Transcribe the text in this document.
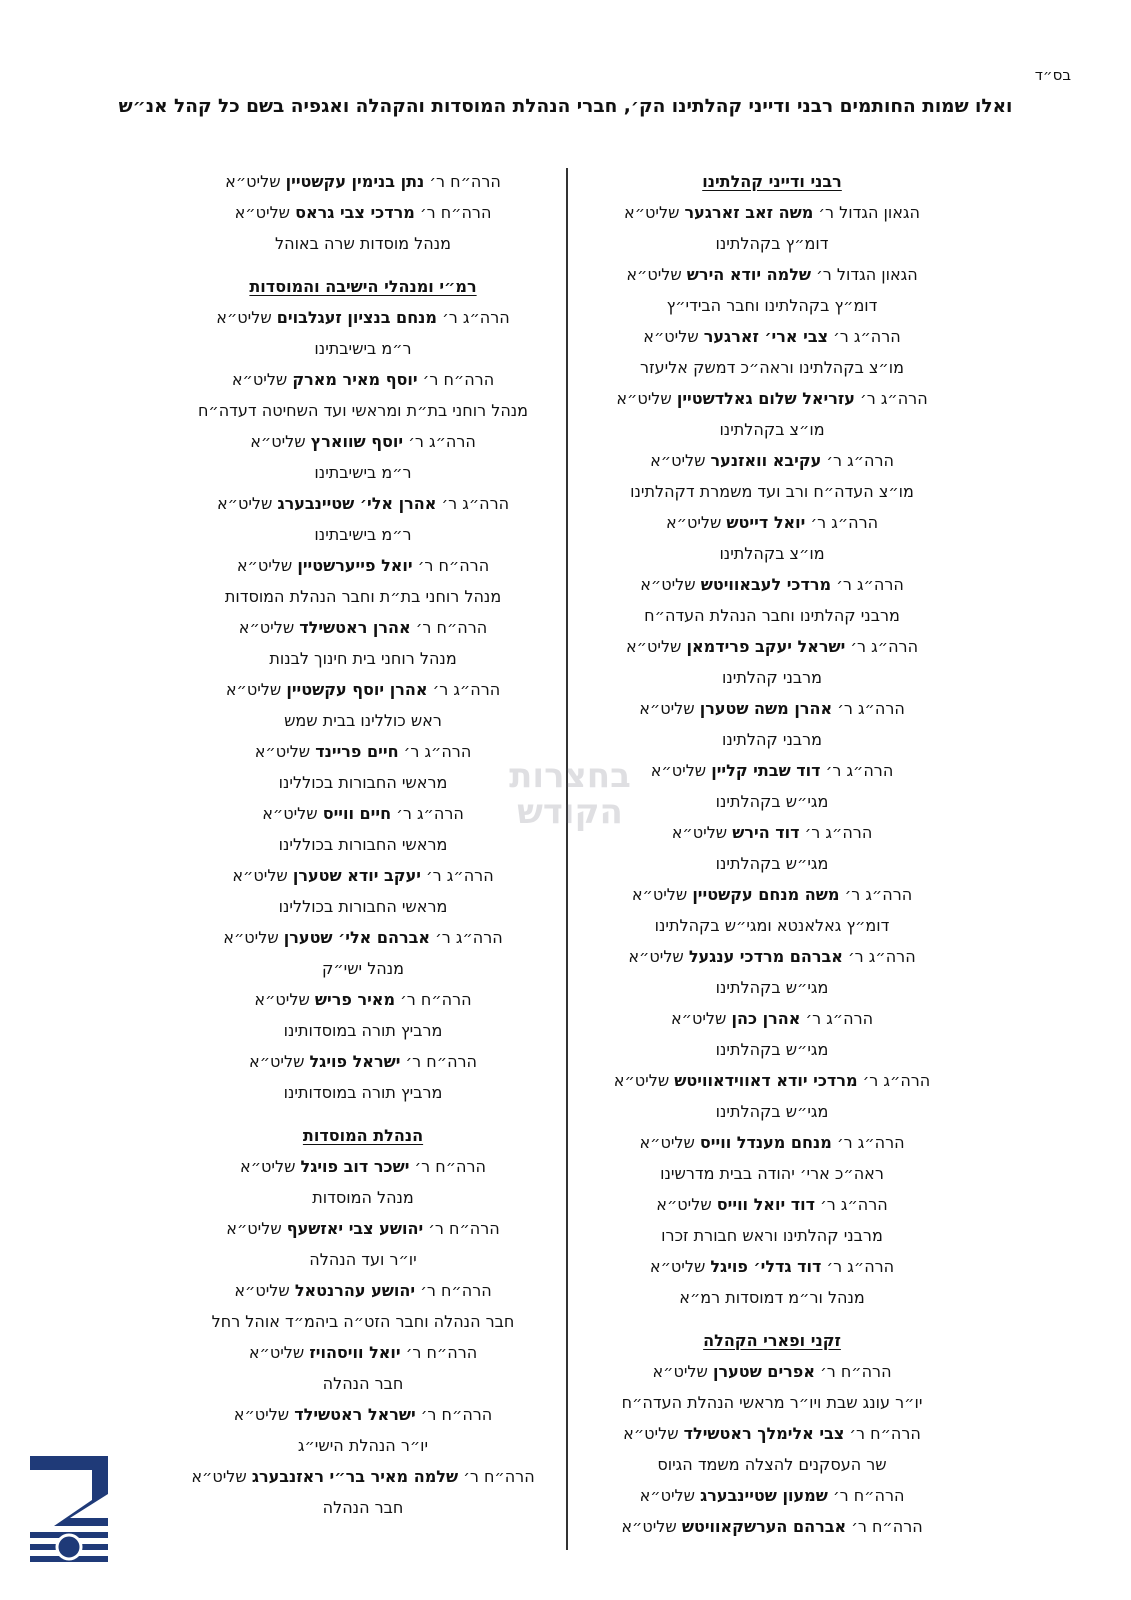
בס״ד
ואלו שמות החותמים רבני ודייני קהלתינו הק׳, חברי הנהלת המוסדות והקהלה ואגפיה בשם כל קהל אנ״ש
רבני ודייני קהלתינו
הגאון הגדול ר׳ משה זאב זארגער שליט״א
דומ״ץ בקהלתינו
הגאון הגדול ר׳ שלמה יודא הירש שליט״א
דומ״ץ בקהלתינו וחבר הבידי״ץ
הרה״ג ר׳ צבי ארי׳ זארגער שליט״א
מו״צ בקהלתינו וראה״כ דמשק אליעזר
הרה״ג ר׳ עזריאל שלום גאלדשטיין שליט״א
מו״צ בקהלתינו
הרה״ג ר׳ עקיבא וואזנער שליט״א
מו״צ העדה״ח ורב ועד משמרת דקהלתינו
הרה״ג ר׳ יואל דייטש שליט״א
מו״צ בקהלתינו
הרה״ג ר׳ מרדכי לעבאוויטש שליט״א
מרבני קהלתינו וחבר הנהלת העדה״ח
הרה״ג ר׳ ישראל יעקב פרידמאן שליט״א
מרבני קהלתינו
הרה״ג ר׳ אהרן משה שטערן שליט״א
מרבני קהלתינו
הרה״ג ר׳ דוד שבתי קליין שליט״א
מגי״ש בקהלתינו
הרה״ג ר׳ דוד הירש שליט״א
מגי״ש בקהלתינו
הרה״ג ר׳ משה מנחם עקשטיין שליט״א
דומ״ץ גאלאנטא ומגי״ש בקהלתינו
הרה״ג ר׳ אברהם מרדכי ענגעל שליט״א
מגי״ש בקהלתינו
הרה״ג ר׳ אהרן כהן שליט״א
מגי״ש בקהלתינו
הרה״ג ר׳ מרדכי יודא דאווידאוויטש שליט״א
מגי״ש בקהלתינו
הרה״ג ר׳ מנחם מענדל ווייס שליט״א
ראה״כ ארי׳ יהודה בבית מדרשינו
הרה״ג ר׳ דוד יואל ווייס שליט״א
מרבני קהלתינו וראש חבורת זכרו
הרה״ג ר׳ דוד גדלי׳ פויגל שליט״א
מנהל ור״מ דמוסדות רמ״א
זקני ופארי הקהלה
הרה״ח ר׳ אפרים שטערן שליט״א
יו״ר עונג שבת ויו״ר מראשי הנהלת העדה״ח
הרה״ח ר׳ צבי אלימלך ראטשילד שליט״א
שר העסקנים להצלה משמד הגיוס
הרה״ח ר׳ שמעון שטיינבערג שליט״א
הרה״ח ר׳ אברהם הערשקאוויטש שליט״א
הרה״ח ר׳ נתן בנימין עקשטיין שליט״א
הרה״ח ר׳ מרדכי צבי גראס שליט״א
מנהל מוסדות שרה באוהל
רמ״י ומנהלי הישיבה והמוסדות
הרה״ג ר׳ מנחם בנציון זעגלבוים שליט״א
ר״מ בישיבתינו
הרה״ח ר׳ יוסף מאיר מארק שליט״א
מנהל רוחני בת״ת ומראשי ועד השחיטה דעדה״ח
הרה״ג ר׳ יוסף שווארץ שליט״א
ר״מ בישיבתינו
הרה״ג ר׳ אהרן אלי׳ שטיינבערג שליט״א
ר״מ בישיבתינו
הרה״ח ר׳ יואל פייערשטיין שליט״א
מנהל רוחני בת״ת וחבר הנהלת המוסדות
הרה״ח ר׳ אהרן ראטשילד שליט״א
מנהל רוחני בית חינוך לבנות
הרה״ג ר׳ אהרן יוסף עקשטיין שליט״א
ראש כוללינו בבית שמש
הרה״ג ר׳ חיים פריינד שליט״א
מראשי החבורות בכוללינו
הרה״ג ר׳ חיים ווייס שליט״א
מראשי החבורות בכוללינו
הרה״ג ר׳ יעקב יודא שטערן שליט״א
מראשי החבורות בכוללינו
הרה״ג ר׳ אברהם אלי׳ שטערן שליט״א
מנהל ישי״ק
הרה״ח ר׳ מאיר פריש שליט״א
מרביץ תורה במוסדותינו
הרה״ח ר׳ ישראל פויגל שליט״א
מרביץ תורה במוסדותינו
הנהלת המוסדות
הרה״ח ר׳ ישכר דוב פויגל שליט״א
מנהל המוסדות
הרה״ח ר׳ יהושע צבי יאזשעף שליט״א
יו״ר ועד הנהלה
הרה״ח ר׳ יהושע עהרנטאל שליט״א
חבר הנהלה וחבר הזט״ה ביהמ״ד אוהל רחל
הרה״ח ר׳ יואל וויסהויז שליט״א
חבר הנהלה
הרה״ח ר׳ ישראל ראטשילד שליט״א
יו״ר הנהלת הישי״ג
הרה״ח ר׳ שלמה מאיר בר״י ראזנבערג שליט״א
חבר הנהלה
בחצרות
הקודש
